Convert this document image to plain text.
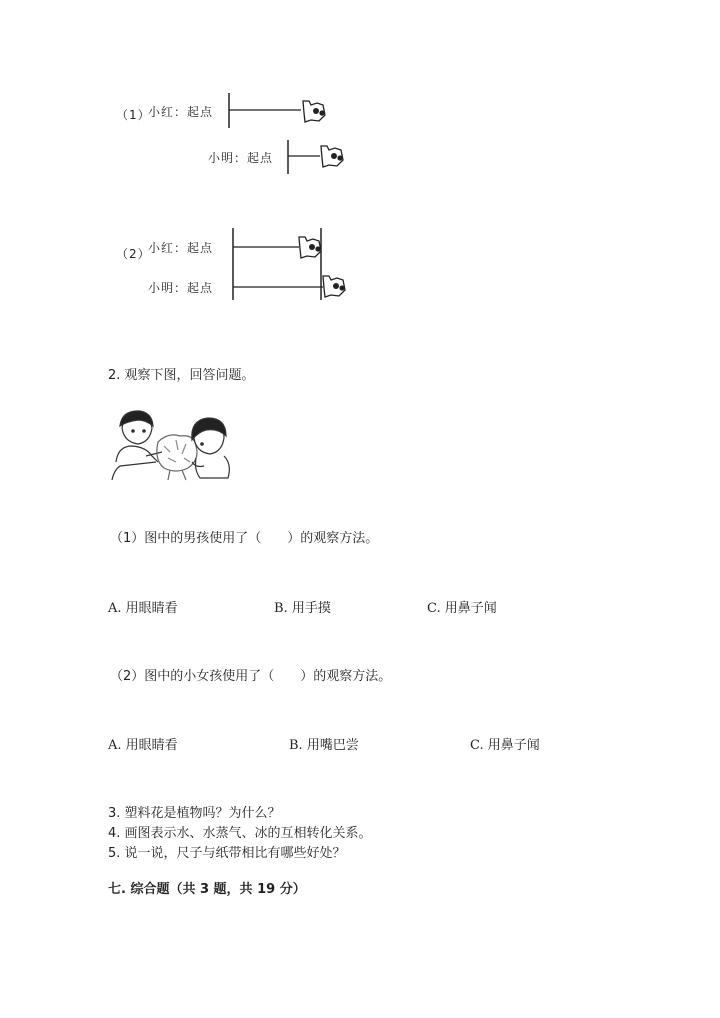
（1）
小红：起点
小明：起点
（2）
小红：起点
小明：起点
2. 观察下图，回答问题。
（1）图中的男孩使用了（　　）的观察方法。
A. 用眼睛看	B. 用手摸	C. 用鼻子闻
（2）图中的小女孩使用了（　　）的观察方法。
A. 用眼睛看	B. 用嘴巴尝	C. 用鼻子闻
3. 塑料花是植物吗？为什么？
4. 画图表示水、水蒸气、冰的互相转化关系。
5. 说一说，尺子与纸带相比有哪些好处？
七. 综合题（共 3 题，共 19 分）
